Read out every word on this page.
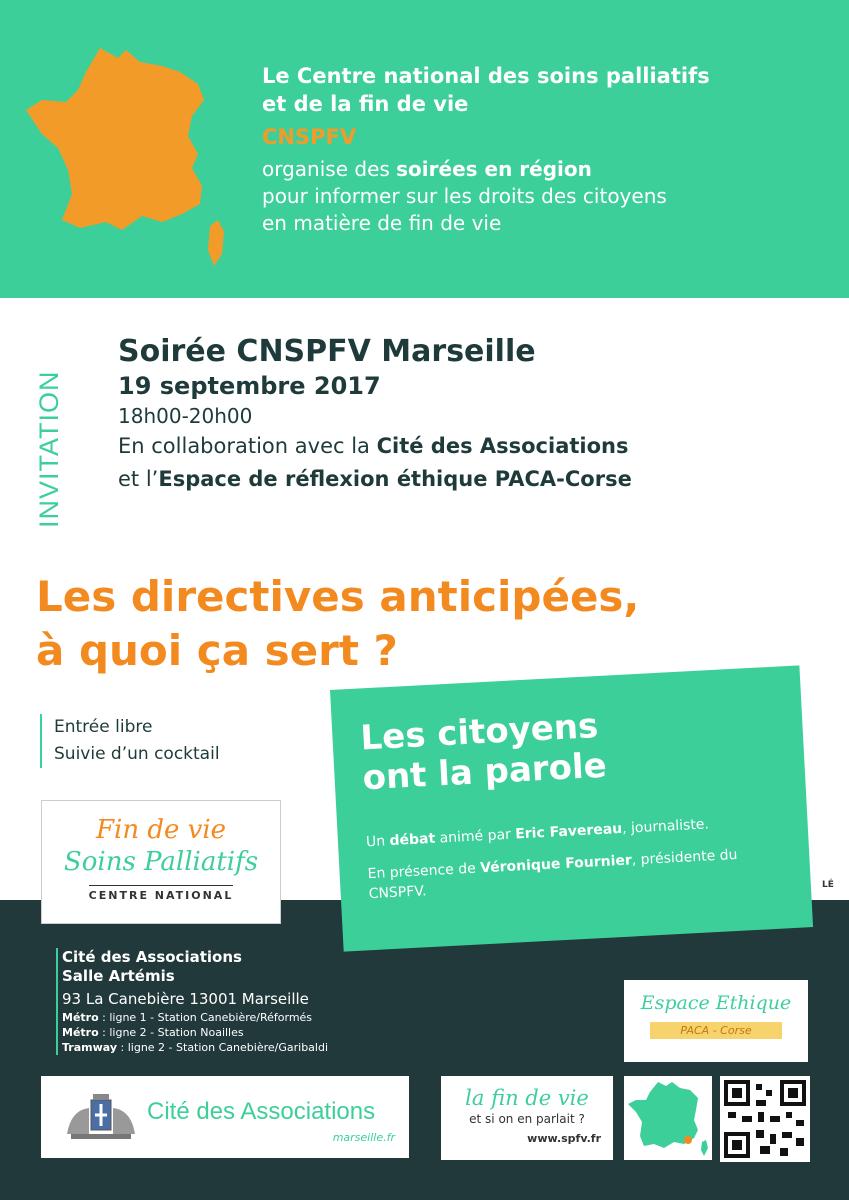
Le Centre national des soins palliatifs
et de la fin de vie
CNSPFV
organise des soirées en région
pour informer sur les droits des citoyens
en matière de fin de vie
INVITATION
Soirée CNSPFV Marseille
19 septembre 2017
18h00-20h00
En collaboration avec la Cité des Associations
et l’Espace de réflexion éthique PACA-Corse
Les directives anticipées,
à quoi ça sert ?
Entrée libre
Suivie d’un cocktail
Fin de vie
Soins Palliatifs
CENTRE NATIONAL
Les citoyens
ont la parole
Un débat animé par Eric Favereau, journaliste.
En présence de Véronique Fournier, présidente du CNSPFV.	LÉ
Cité des Associations
Salle Artémis
93 La Canebière 13001 Marseille
Métro : ligne 1 - Station Canebière/Réformés
Métro : ligne 2 - Station Noailles
Tramway : ligne 2 - Station Canebière/Garibaldi
Espace Ethique
PACA - Corse
Cité des Associations
marseille.fr
la fin de vie
et si on en parlait ?
www.spfv.fr
